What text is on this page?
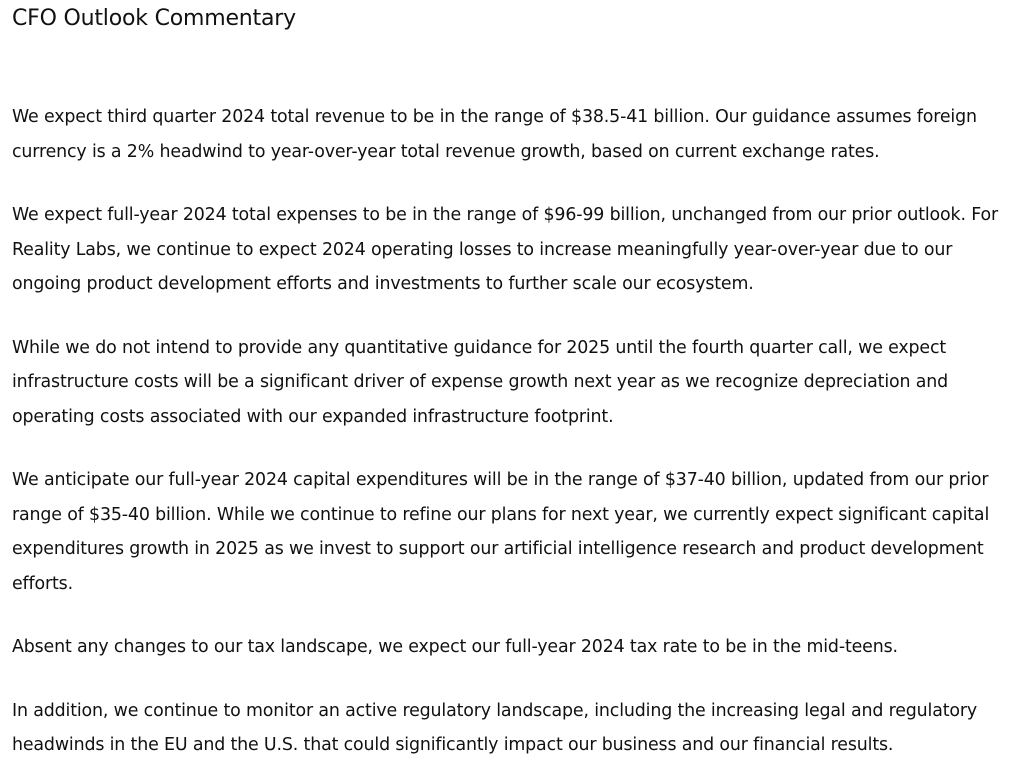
CFO Outlook Commentary

We expect third quarter 2024 total revenue to be in the range of $38.5-41 billion. Our guidance assumes foreign currency is a 2% headwind to year-over-year total revenue growth, based on current exchange rates.

We expect full-year 2024 total expenses to be in the range of $96-99 billion, unchanged from our prior outlook. For Reality Labs, we continue to expect 2024 operating losses to increase meaningfully year-over-year due to our ongoing product development efforts and investments to further scale our ecosystem.

While we do not intend to provide any quantitative guidance for 2025 until the fourth quarter call, we expect infrastructure costs will be a significant driver of expense growth next year as we recognize depreciation and operating costs associated with our expanded infrastructure footprint.

We anticipate our full-year 2024 capital expenditures will be in the range of $37-40 billion, updated from our prior range of $35-40 billion. While we continue to refine our plans for next year, we currently expect significant capital expenditures growth in 2025 as we invest to support our artificial intelligence research and product development efforts.

Absent any changes to our tax landscape, we expect our full-year 2024 tax rate to be in the mid-teens.

In addition, we continue to monitor an active regulatory landscape, including the increasing legal and regulatory headwinds in the EU and the U.S. that could significantly impact our business and our financial results.
